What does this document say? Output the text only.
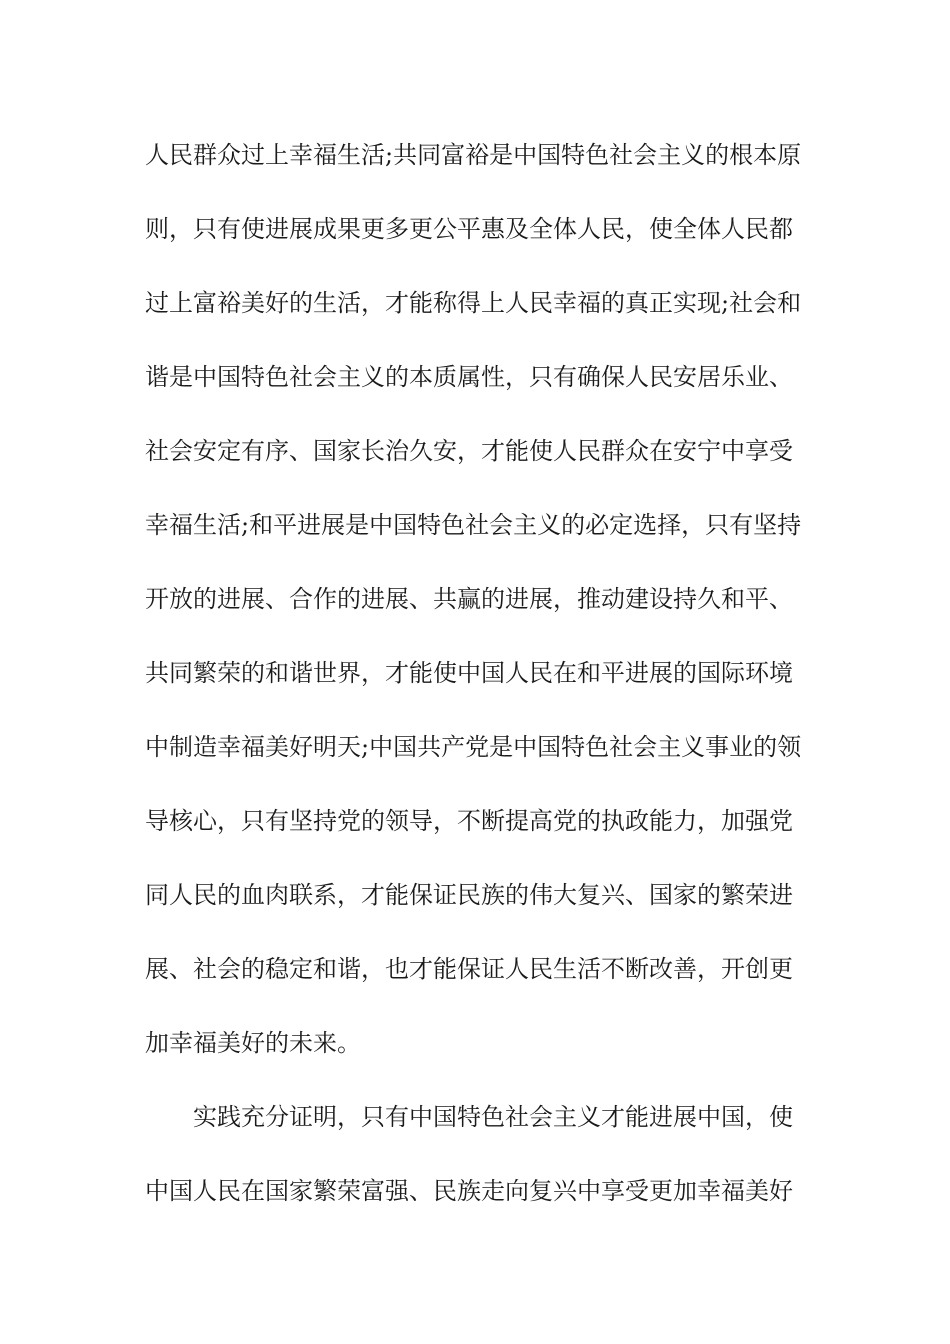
人民群众过上幸福生活;共同富裕是中国特色社会主义的根本原
则，只有使进展成果更多更公平惠及全体人民，使全体人民都
过上富裕美好的生活，才能称得上人民幸福的真正实现;社会和
谐是中国特色社会主义的本质属性，只有确保人民安居乐业、
社会安定有序、国家长治久安，才能使人民群众在安宁中享受
幸福生活;和平进展是中国特色社会主义的必定选择，只有坚持
开放的进展、合作的进展、共赢的进展，推动建设持久和平、
共同繁荣的和谐世界，才能使中国人民在和平进展的国际环境
中制造幸福美好明天;中国共产党是中国特色社会主义事业的领
导核心，只有坚持党的领导，不断提高党的执政能力，加强党
同人民的血肉联系，才能保证民族的伟大复兴、国家的繁荣进
展、社会的稳定和谐，也才能保证人民生活不断改善，开创更
加幸福美好的未来。
实践充分证明，只有中国特色社会主义才能进展中国，使
中国人民在国家繁荣富强、民族走向复兴中享受更加幸福美好
